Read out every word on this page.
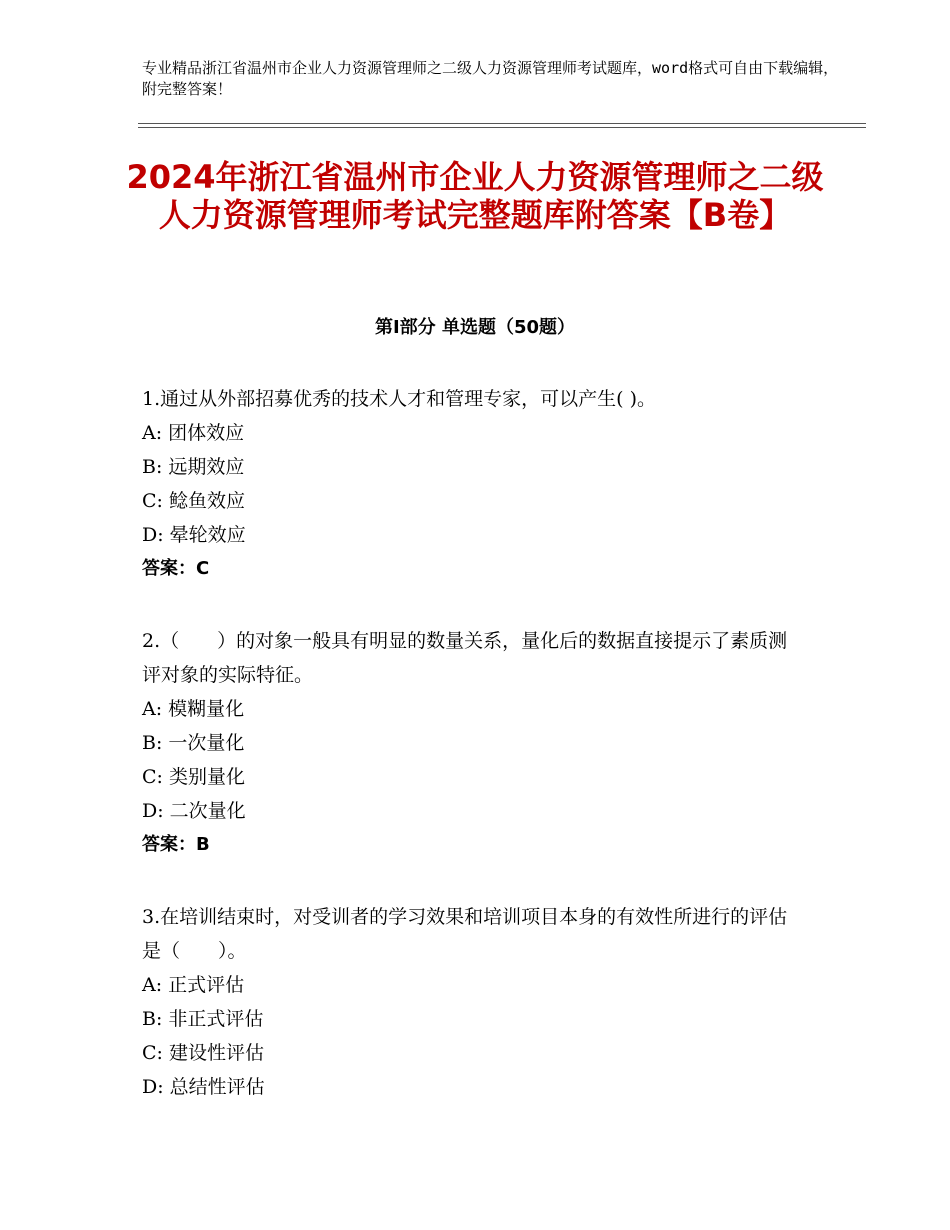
专业精品浙江省温州市企业人力资源管理师之二级人力资源管理师考试题库，word格式可自由下载编辑，附完整答案！
2024年浙江省温州市企业人力资源管理师之二级人力资源管理师考试完整题库附答案【B卷】
第Ⅰ部分 单选题（50题）
1.通过从外部招募优秀的技术人才和管理专家，可以产生( )。
A: 团体效应
B: 远期效应
C: 鲶鱼效应
D: 晕轮效应
答案：C
2.（　　）的对象一般具有明显的数量关系，量化后的数据直接提示了素质测评对象的实际特征。
A: 模糊量化
B: 一次量化
C: 类别量化
D: 二次量化
答案：B
3.在培训结束时，对受训者的学习效果和培训项目本身的有效性所进行的评估是（　　）。
A: 正式评估
B: 非正式评估
C: 建设性评估
D: 总结性评估
